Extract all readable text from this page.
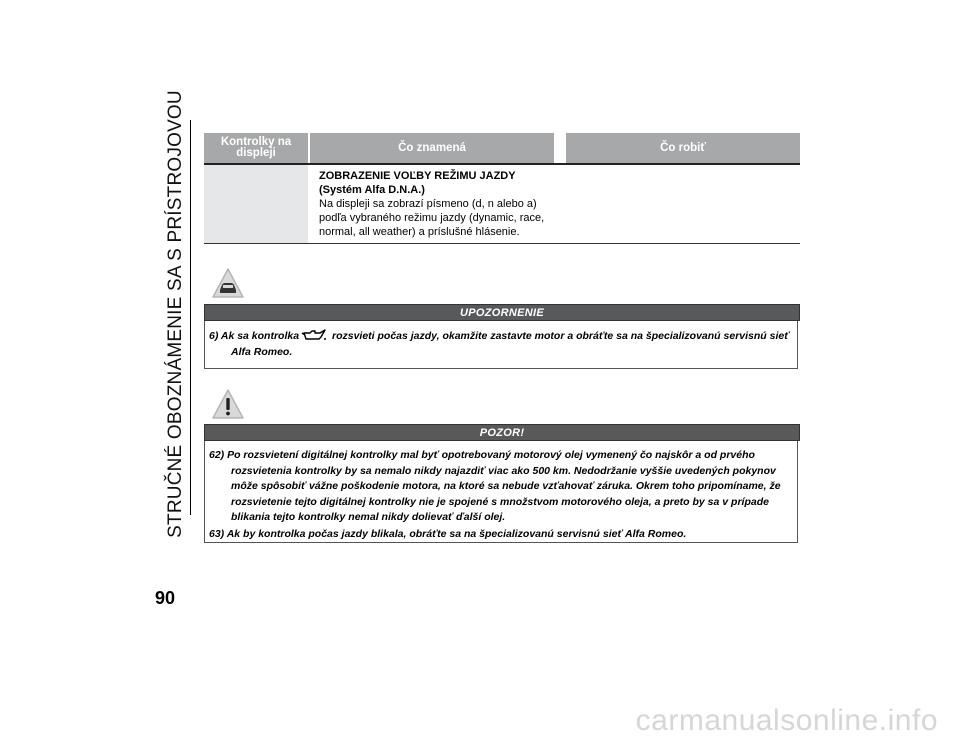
STRUČNÉ OBOZNÁMENIE SA S PRÍSTROJOVOU
90
Kontrolky na displeji	Čo znamená	Čo robiť
ZOBRAZENIE VOĽBY REŽIMU JAZDY
(Systém Alfa D.N.A.)
Na displeji sa zobrazí písmeno (d, n alebo a)
podľa vybraného režimu jazdy (dynamic, race,
normal, all weather) a príslušné hlásenie.
UPOZORNENIE

6) Ak sa kontrolka	rozsvieti počas jazdy, okamžite zastavte motor a obráťte sa na špecializovanú servisnú sieť Alfa Romeo.

POZOR!

62) Po rozsvietení digitálnej kontrolky mal byť opotrebovaný motorový olej vymenený čo najskôr a od prvého rozsvietenia kontrolky by sa nemalo nikdy najazdiť viac ako 500 km. Nedodržanie vyššie uvedených pokynov môže spôsobiť vážne poškodenie motora, na ktoré sa nebude vzťahovať záruka. Okrem toho pripomíname, že rozsvietenie tejto digitálnej kontrolky nie je spojené s množstvom motorového oleja, a preto by sa v prípade blikania tejto kontrolky nemal nikdy dolievať ďalší olej.

63) Ak by kontrolka počas jazdy blikala, obráťte sa na špecializovanú servisnú sieť Alfa Romeo.

carmanualsonline.info
